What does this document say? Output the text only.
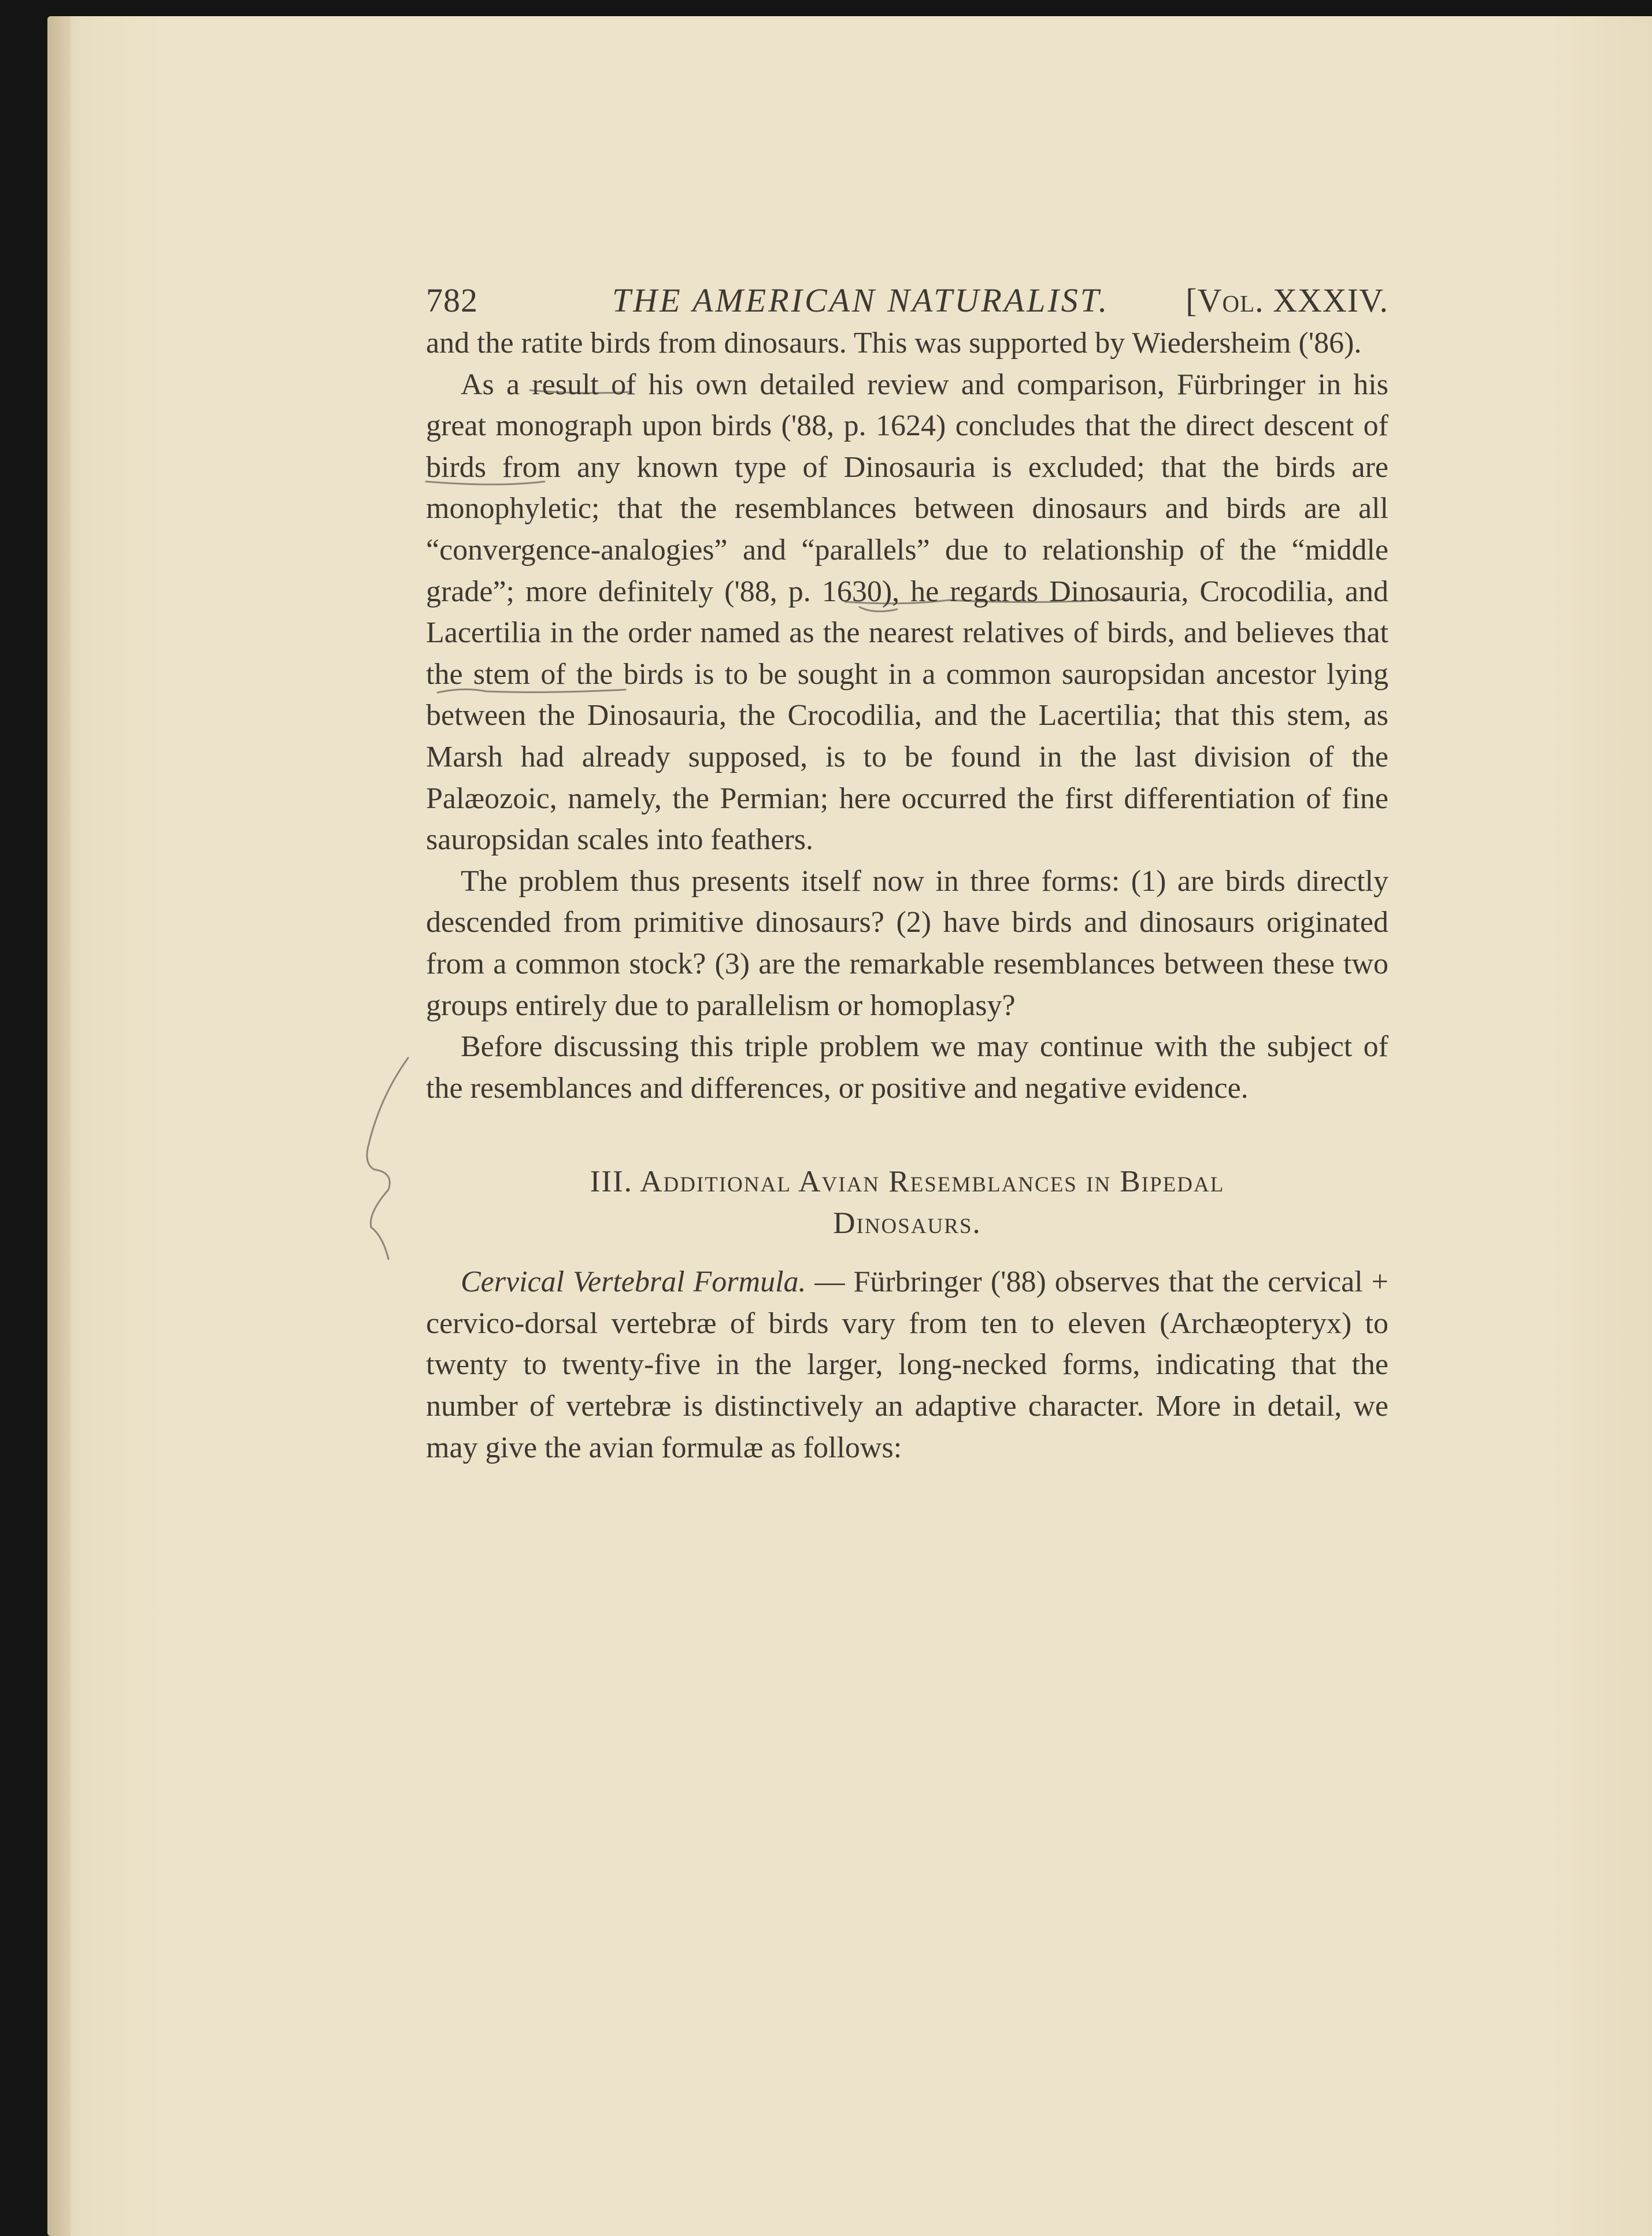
782	THE AMERICAN NATURALIST. [Vol. XXXIV.

and the ratite birds from dinosaurs. This was supported by Wiedersheim ('86).

As a result of his own detailed review and comparison, Fürbringer in his great monograph upon birds ('88, p. 1624) concludes that the direct descent of birds from any known type of Dinosauria is excluded; that the birds are monophyletic; that the resemblances between dinosaurs and birds are all “convergence-analogies” and “parallels” due to relationship of the “middle grade”; more definitely ('88, p. 1630), he regards Dinosauria, Crocodilia, and Lacertilia in the order named as the nearest relatives of birds, and believes that the stem of the birds is to be sought in a common sauropsidan ancestor lying between the Dinosauria, the Crocodilia, and the Lacertilia; that this stem, as Marsh had already supposed, is to be found in the last division of the Palæozoic, namely, the Permian; here occurred the first differentiation of fine sauropsidan scales into feathers.

The problem thus presents itself now in three forms: (1) are birds directly descended from primitive dinosaurs? (2) have birds and dinosaurs originated from a common stock? (3) are the remarkable resemblances between these two groups entirely due to parallelism or homoplasy?

Before discussing this triple problem we may continue with the subject of the resemblances and differences, or positive and negative evidence.

III. Additional Avian Resemblances in Bipedal
Dinosaurs.

Cervical Vertebral Formula. — Fürbringer ('88) observes that the cervical + cervico-dorsal vertebræ of birds vary from ten to eleven (Archæopteryx) to twenty to twenty-five in the larger, long-necked forms, indicating that the number of vertebræ is distinctively an adaptive character. More in detail, we may give the avian formulæ as follows:
